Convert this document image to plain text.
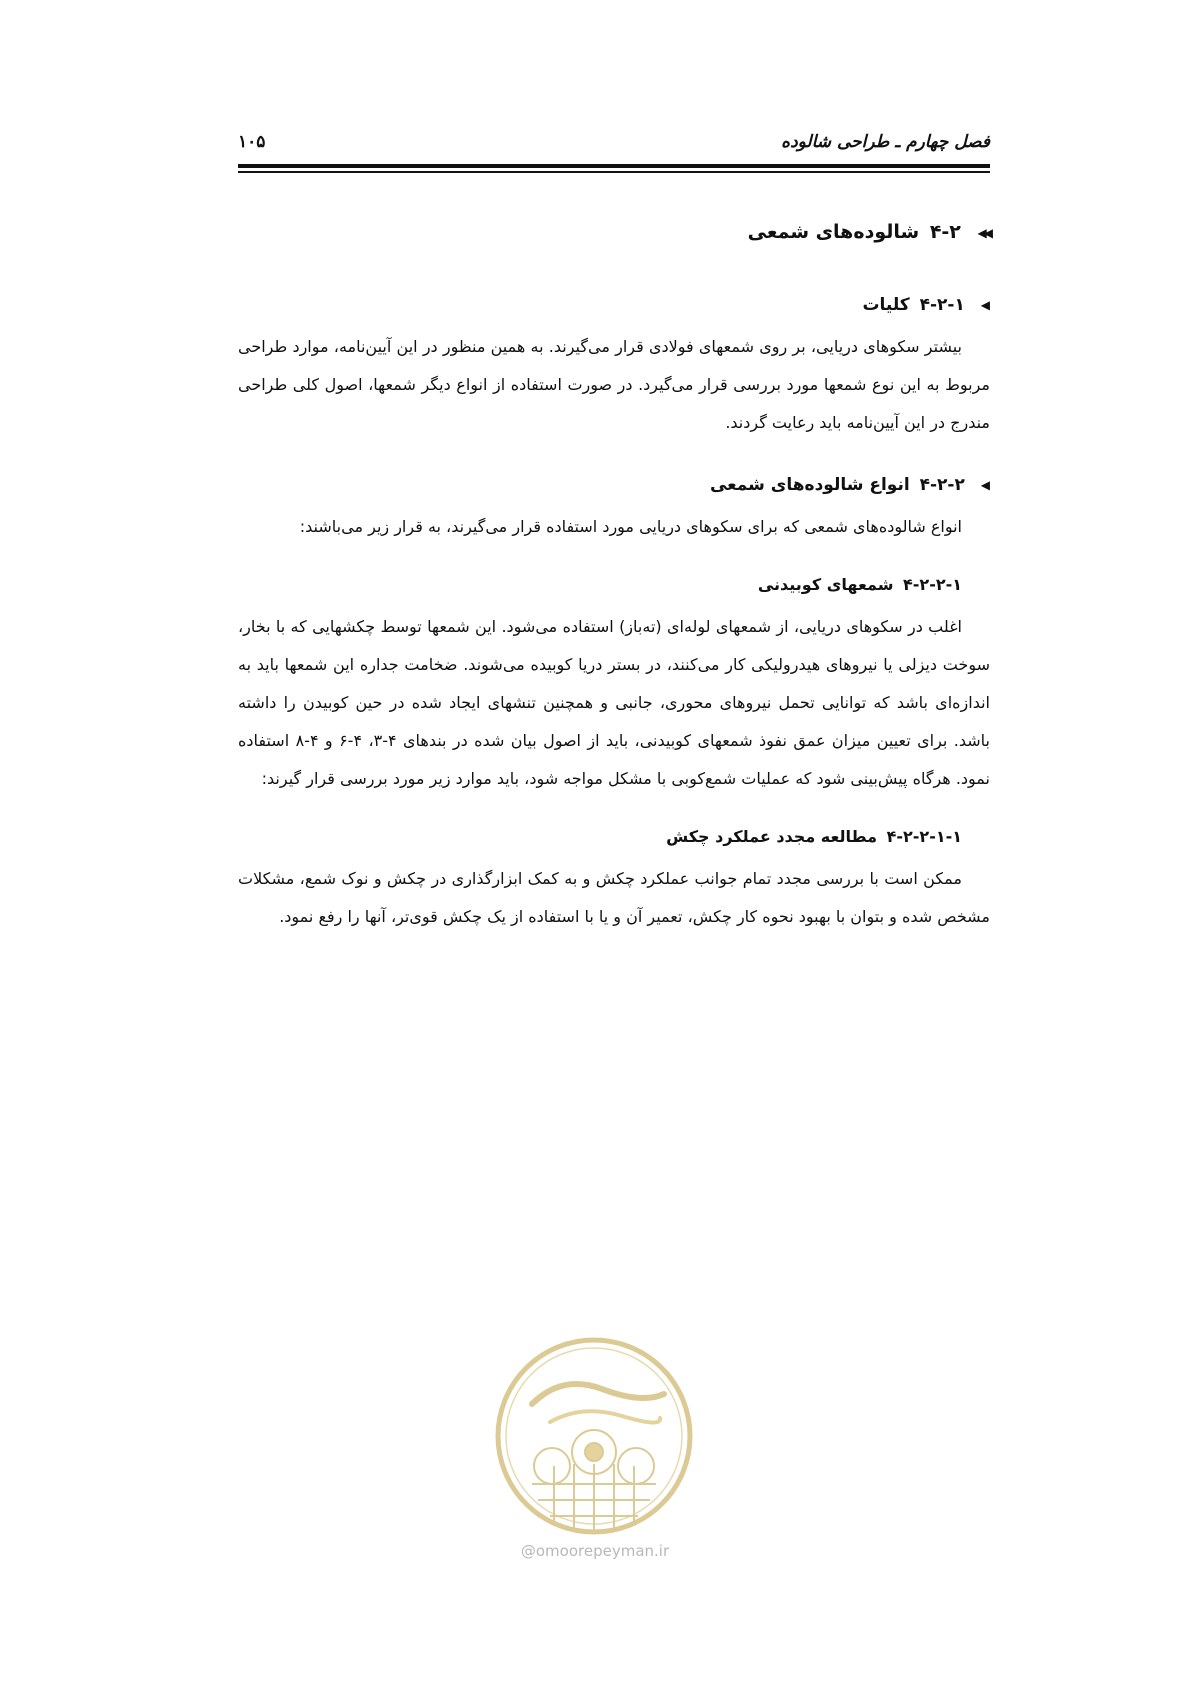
فصل چهارم ـ طراحی شالوده
۱۰۵
◀◀ ۴-۲ شالوده‌های شمعی
◀ ۴-۲-۱ کلیات

بیشتر سکوهای دریایی، بر روی شمعهای فولادی قرار می‌گیرند. به همین منظور در این آیین‌نامه، موارد طراحی مربوط به این نوع شمعها مورد بررسی قرار می‌گیرد. در صورت استفاده از انواع دیگر شمعها، اصول کلی طراحی مندرج در این آیین‌نامه باید رعایت گردند.

◀ ۴-۲-۲ انواع شالوده‌های شمعی

انواع شالوده‌های شمعی که برای سکوهای دریایی مورد استفاده قرار می‌گیرند، به قرار زیر می‌باشند:

۴-۲-۲-۱ شمعهای کوبیدنی

اغلب در سکوهای دریایی، از شمعهای لوله‌ای (ته‌باز) استفاده می‌شود. این شمعها توسط چکشهایی که با بخار، سوخت دیزلی یا نیروهای هیدرولیکی کار می‌کنند، در بستر دریا کوبیده می‌شوند. ضخامت جداره این شمعها باید به اندازه‌ای باشد که توانایی تحمل نیروهای محوری، جانبی و همچنین تنشهای ایجاد شده در حین کوبیدن را داشته باشد. برای تعیین میزان عمق نفوذ شمعهای کوبیدنی، باید از اصول بیان شده در بندهای ۴-۳، ۴-۶ و ۴-۸ استفاده نمود. هرگاه پیش‌بینی شود که عملیات شمع‌کوبی با مشکل مواجه شود، باید موارد زیر مورد بررسی قرار گیرند:

۴-۲-۲-۱-۱ مطالعه مجدد عملکرد چکش

ممکن است با بررسی مجدد تمام جوانب عملکرد چکش و به کمک ابزارگذاری در چکش و نوک شمع، مشکلات مشخص شده و بتوان با بهبود نحوه کار چکش، تعمیر آن و یا با استفاده از یک چکش قوی‌تر، آنها را رفع نمود.

@omoorepeyman.ir
